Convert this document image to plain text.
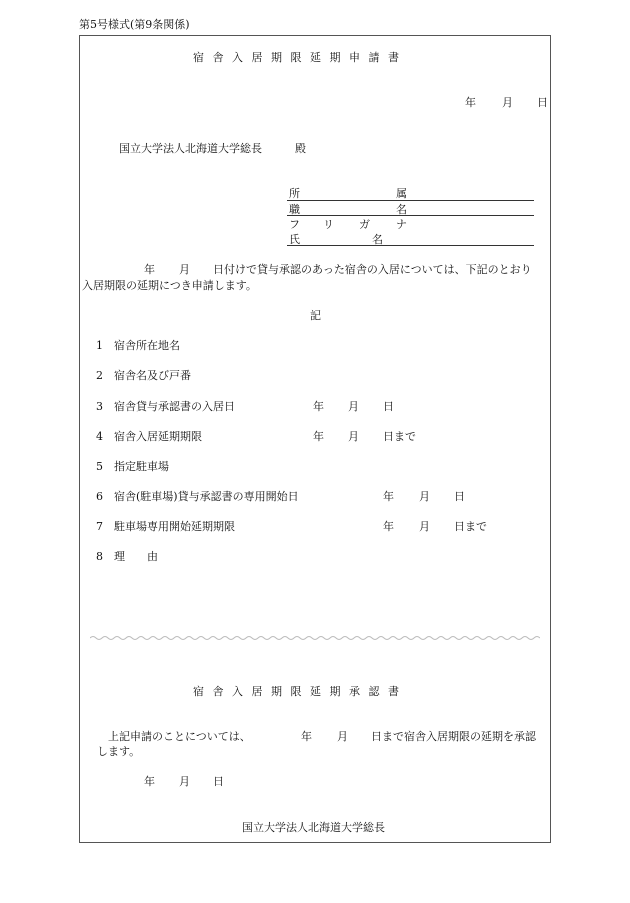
第5号様式(第9条関係)
宿舎入居期限延期申請書
年 月 日
国立大学法人北海道大学総長	殿
所	属
職	名
フ リ ガ ナ
氏	名
年 月 日付けで貸与承認のあった宿舎の入居については、下記のとおり
入居期限の延期につき申請します。
記
1 宿舎所在地名
2 宿舎名及び戸番
3 宿舎貸与承認書の入居日	年 月 日
4 宿舎入居延期期限	年 月 日まで
5 指定駐車場
6 宿舎(駐車場)貸与承認書の専用開始日	年 月 日
7 駐車場専用開始延期期限	年 月 日まで
8 理　　由
宿舎入居期限延期承認書
上記申請のことについては、	年 月 日まで宿舎入居期限の延期を承認
します。
年 月 日
国立大学法人北海道大学総長
